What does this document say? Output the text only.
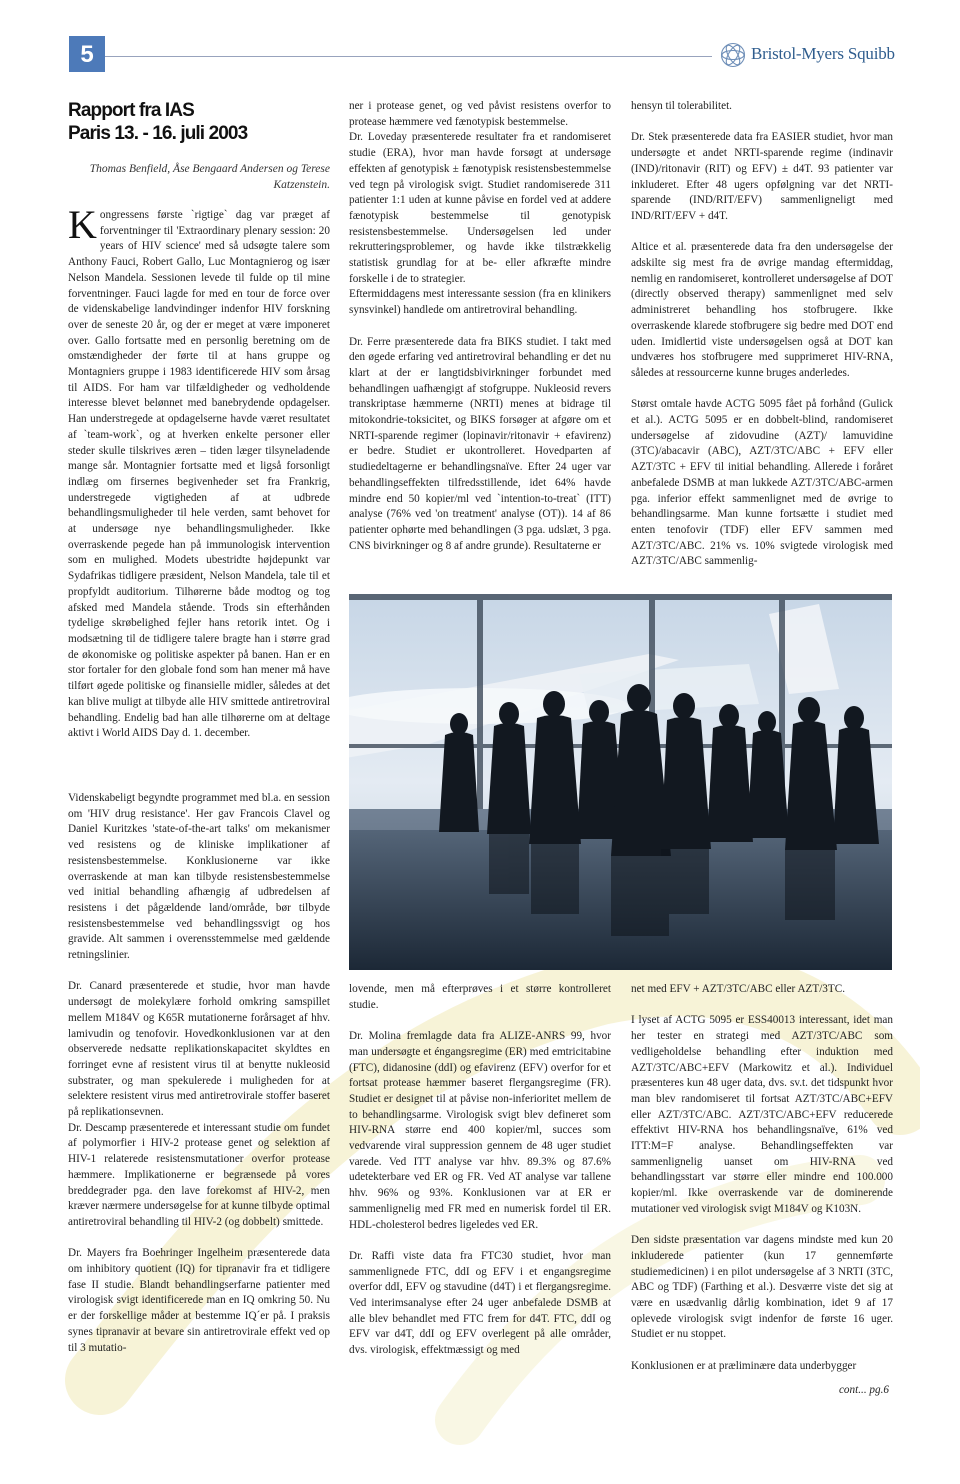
5	Bristol-Myers Squibb
Rapport fra IAS
Paris 13. - 16. juli 2003
Thomas Benfield, Åse Bengaard Andersen og Terese Katzenstein.

Kongressens første `rigtige` dag var præget af forventninger til 'Extraordinary plenary session: 20 years of HIV science' med så udsøgte talere som Anthony Fauci, Robert Gallo, Luc Montagnierog og især Nelson Mandela. Sessionen levede til fulde op til mine forventninger. Fauci lagde for med en tour de force over de videnskabelige landvindinger indenfor HIV forskning over de seneste 20 år, og der er meget at være imponeret over. Gallo fortsatte med en personlig beretning om de omstændigheder der førte til at hans gruppe og Montagniers gruppe i 1983 identificerede HIV som årsag til AIDS. For ham var tilfældigheder og vedholdende interesse blevet belønnet med banebrydende opdagelser. Han understregede at opdagelserne havde været resultatet af `team-work`, og at hverken enkelte personer eller steder skulle tilskrives æren – tiden læger tilsyneladende mange sår. Montagnier fortsatte med et ligså forsonligt indlæg om firsernes begivenheder set fra Frankrig, understregede vigtigheden af at udbrede behandlingsmuligheder til hele verden, samt behovet for at undersøge nye behandlingsmuligheder. Ikke overraskende pegede han på immunologisk intervention som en mulighed. Modets ubestridte højdepunkt var Sydafrikas tidligere præsident, Nelson Mandela, tale til et propfyldt auditorium. Tilhørerne både modtog og tog afsked med Mandela stående. Trods sin efterhånden tydelige skrøbelighed fejler hans retorik intet. Og i modsætning til de tidligere talere bragte han i større grad de økonomiske og politiske aspekter på banen. Han er en stor fortaler for den globale fond som han mener må have tilført øgede politiske og finansielle midler, således at det kan blive muligt at tilbyde alle HIV smittede antiretroviral behandling. Endelig bad han alle tilhørerne om at deltage aktivt i World AIDS Day d. 1. december.

Videnskabeligt begyndte programmet med bl.a. en session om 'HIV drug resistance'. Her gav Francois Clavel og Daniel Kuritzkes 'state-of-the-art talks' om mekanismer ved resistens og de kliniske implikationer af resistensbestemmelse. Konklusionerne var ikke overraskende at man kan tilbyde resistensbestemmelse ved initial behandling afhængig af udbredelsen af resistens i det pågældende land/område, bør tilbyde resistensbestemmelse ved behandlingssvigt og hos gravide. Alt sammen i overensstemmelse med gældende retningslinier.

Dr. Canard præsenterede et studie, hvor man havde undersøgt de molekylære forhold omkring samspillet mellem M184V og K65R mutationerne forårsaget af hhv. lamivudin og tenofovir. Hovedkonklusionen var at den observerede nedsatte replikationskapacitet skyldtes en forringet evne af resistent virus til at benytte nukleosid substrater, og man spekulerede i muligheden for at selektere resistent virus med antiretrovirale stoffer baseret på replikationsevnen.

Dr. Descamp præsenterede et interessant studie om fundet af polymorfier i HIV-2 protease genet og selektion af HIV-1 relaterede resistensmutationer overfor protease hæmmere. Implikationerne er begrænsede på vores breddegrader pga. den lave forekomst af HIV-2, men kræver nærmere undersøgelse for at kunne tilbyde optimal antiretroviral behandling til HIV-2 (og dobbelt) smittede.

Dr. Mayers fra Boehringer Ingelheim præsenterede data om inhibitory quotient (IQ) for tipranavir fra et tidligere fase II studie. Blandt behandlingserfarne patienter med virologisk svigt identificerede man en IQ omkring 50. Nu er der forskellige måder at bestemme IQ´er på. I praksis synes tipranavir at bevare sin antiretrovirale effekt ved op til 3 mutatio-

ner i protease genet, og ved påvist resistens overfor to protease hæmmere ved fænotypisk bestemmelse.

Dr. Loveday præsenterede resultater fra et randomiseret studie (ERA), hvor man havde forsøgt at undersøge effekten af genotypisk ± fænotypisk resistensbestemmelse ved tegn på virologisk svigt. Studiet randomiserede 311 patienter 1:1 uden at kunne påvise en fordel ved at addere fænotypisk bestemmelse til genotypisk resistensbestemmelse. Undersøgelsen led under rekrutteringsproblemer, og havde ikke tilstrækkelig statistisk grundlag for at be- eller afkræfte mindre forskelle i de to strategier.

Eftermiddagens mest interessante session (fra en klinikers synsvinkel) handlede om antiretroviral behandling.

Dr. Ferre præsenterede data fra BIKS studiet. I takt med den øgede erfaring ved antiretroviral behandling er det nu klart at der er langtidsbivirkninger forbundet med behandlingen uafhængigt af stofgruppe. Nukleosid revers transkriptase hæmmerne (NRTI) menes at bidrage til mitokondrie-toksicitet, og BIKS forsøger at afgøre om et NRTI-sparende regimer (lopinavir/ritonavir + efavirenz) er bedre. Studiet er ukontrolleret. Hovedparten af studiedeltagerne er behandlingsnaïve. Efter 24 uger var behandlingseffekten tilfredsstillende, idet 64% havde mindre end 50 kopier/ml ved `intention-to-treat` (ITT) analyse (76% ved 'on treatment' analyse (OT)). 14 af 86 patienter ophørte med behandlingen (3 pga. udslæt, 3 pga. CNS bivirkninger og 8 af andre grunde). Resultaterne er

hensyn til tolerabilitet.

Dr. Stek præsenterede data fra EASIER studiet, hvor man undersøgte et andet NRTI-sparende regime (indinavir (IND)/ritonavir (RIT) og EFV) ± d4T. 93 patienter var inkluderet. Efter 48 ugers opfølgning var det NRTI-sparende (IND/RIT/EFV) sammenligneligt med IND/RIT/EFV + d4T.

Altice et al. præsenterede data fra den undersøgelse der adskilte sig mest fra de øvrige mandag eftermiddag, nemlig en randomiseret, kontrolleret undersøgelse af DOT (directly observed therapy) sammenlignet med selv administreret behandling hos stofbrugere. Ikke overraskende klarede stofbrugere sig bedre med DOT end uden. Imidlertid viste undersøgelsen også at DOT kan undværes hos stofbrugere med supprimeret HIV-RNA, således at ressourcerne kunne bruges anderledes.

Størst omtale havde ACTG 5095 fået på forhånd (Gulick et al.). ACTG 5095 er en dobbelt-blind, randomiseret undersøgelse af zidovudine (AZT)/ lamuvidine (3TC)/abacavir (ABC), AZT/3TC/ABC + EFV eller AZT/3TC + EFV til initial behandling. Allerede i foråret anbefalede DSMB at man lukkede AZT/3TC/ABC-armen pga. inferior effekt sammenlignet med de øvrige to behandlingsarme. Man kunne fortsætte i studiet med enten tenofovir (TDF) eller EFV sammen med AZT/3TC/ABC. 21% vs. 10% svigtede virologisk med AZT/3TC/ABC sammenlig-

lovende, men må efterprøves i et større kontrolleret studie.

Dr. Molina fremlagde data fra ALIZE-ANRS 99, hvor man undersøgte et éngangsregime (ER) med emtricitabine (FTC), didanosine (ddI) og efavirenz (EFV) overfor for et fortsat protease hæmmer baseret flergangsregime (FR). Studiet er designet til at påvise non-inferioritet mellem de to behandlingsarme. Virologisk svigt blev defineret som HIV-RNA større end 400 kopier/ml, succes som vedvarende viral suppression gennem de 48 uger studiet varede. Ved ITT analyse var hhv. 89.3% og 87.6% udetekterbare ved ER og FR. Ved AT analyse var tallene hhv. 96% og 93%. Konklusionen var at ER er sammenlignelig med FR med en numerisk fordel til ER. HDL-cholesterol bedres ligeledes ved ER.

Dr. Raffi viste data fra FTC30 studiet, hvor man sammenlignede FTC, ddI og EFV i et engangsregime overfor ddI, EFV og stavudine (d4T) i et flergangsregime. Ved interimsanalyse efter 24 uger anbefalede DSMB at alle blev behandlet med FTC frem for d4T. FTC, ddI og EFV var d4T, ddI og EFV overlegent på alle områder, dvs. virologisk, effektmæssigt og med

net med EFV + AZT/3TC/ABC eller AZT/3TC.

I lyset af ACTG 5095 er ESS40013 interessant, idet man her tester en strategi med AZT/3TC/ABC som vedligeholdelse behandling efter induktion med AZT/3TC/ABC+EFV (Markowitz et al.). Individuel præsenteres kun 48 uger data, dvs. sv.t. det tidspunkt hvor man blev randomiseret til fortsat AZT/3TC/ABC+EFV eller AZT/3TC/ABC. AZT/3TC/ABC+EFV reducerede effektivt HIV-RNA hos behandlingsnaïve, 61% ved ITT:M=F analyse. Behandlingseffekten var sammenlignelig uanset om HIV-RNA ved behandlingsstart var større eller mindre end 100.000 kopier/ml. Ikke overraskende var de dominerende mutationer ved virologisk svigt M184V og K103N.

Den sidste præsentation var dagens mindste med kun 20 inkluderede patienter (kun 17 gennemførte studiemedicinen) i en pilot undersøgelse af 3 NRTI (3TC, ABC og TDF) (Farthing et al.). Desværre viste det sig at være en usædvanlig dårlig kombination, idet 9 af 17 oplevede virologisk svigt indenfor de første 16 uger. Studiet er nu stoppet.

Konklusionen er at præliminære data underbygger

cont... pg.6
